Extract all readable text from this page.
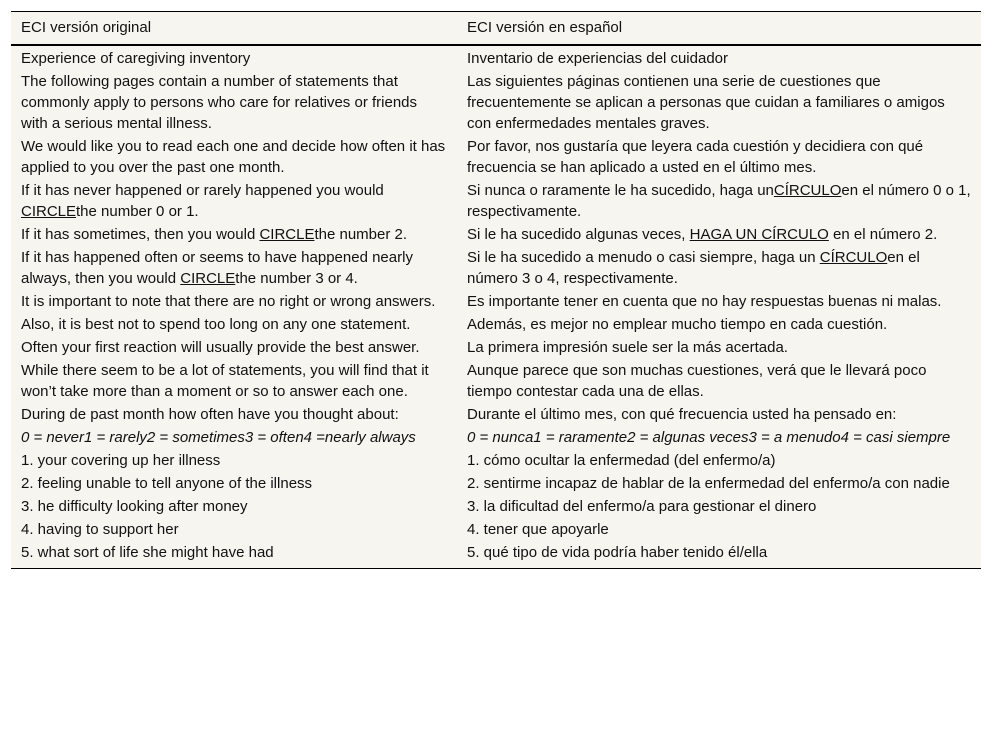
ECI versión original	ECI versión en español
Experience of caregiving inventory	Inventario de experiencias del cuidador
The following pages contain a number of statements that commonly apply to persons who care for relatives or friends with a serious mental illness.	Las siguientes páginas contienen una serie de cuestiones que frecuentemente se aplican a personas que cuidan a familiares o amigos con enfermedades mentales graves.
We would like you to read each one and decide how often it has applied to you over the past one month.	Por favor, nos gustaría que leyera cada cuestión y decidiera con qué frecuencia se han aplicado a usted en el último mes.
If it has never happened or rarely happened you would CIRCLEthe number 0 or 1.	Si nunca o raramente le ha sucedido, haga unCÍRCULOen el número 0 o 1, respectivamente.
If it has sometimes, then you would CIRCLEthe number 2.	Si le ha sucedido algunas veces, HAGA UN CÍRCULO en el número 2.
If it has happened often or seems to have happened nearly always, then you would CIRCLEthe number 3 or 4.	Si le ha sucedido a menudo o casi siempre, haga un CÍRCULOen el número 3 o 4, respectivamente.
It is important to note that there are no right or wrong answers.	Es importante tener en cuenta que no hay respuestas buenas ni malas.
Also, it is best not to spend too long on any one statement.	Además, es mejor no emplear mucho tiempo en cada cuestión.
Often your first reaction will usually provide the best answer.	La primera impresión suele ser la más acertada.
While there seem to be a lot of statements, you will find that it won’t take more than a moment or so to answer each one.	Aunque parece que son muchas cuestiones, verá que le llevará poco tiempo contestar cada una de ellas.
During de past month how often have you thought about:	Durante el último mes, con qué frecuencia usted ha pensado en:
0 = never1 = rarely2 = sometimes3 = often4 =nearly always	0 = nunca1 = raramente2 = algunas veces3 = a menudo4 = casi siempre
1. your covering up her illness	1. cómo ocultar la enfermedad (del enfermo/a)
2. feeling unable to tell anyone of the illness	2. sentirme incapaz de hablar de la enfermedad del enfermo/a con nadie
3. he difficulty looking after money	3. la dificultad del enfermo/a para gestionar el dinero
4. having to support her	4. tener que apoyarle
5. what sort of life she might have had	5. qué tipo de vida podría haber tenido él/ella
